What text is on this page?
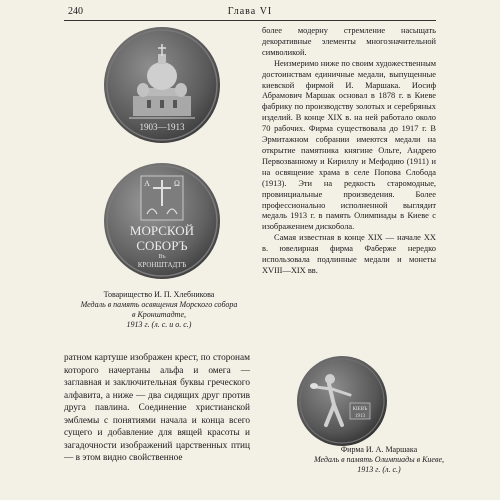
240	Глава VI
1903—1913
А	Ω
МОРСКОЙ
СОБОРЪ
Въ
КРОНШТАДТѢ
Товарищество И. П. Хлебникова
Медаль в память освящения Морского собора
в Кронштадте,
1913 г. (л. с. и о. с.)
более модерну стремление насыщать декоративные элементы многозначительной символикой.
Неизмеримо ниже по своим художественным достоинствам единичные медали, выпущенные киевской фирмой И. Маршака. Иосиф Абрамович Маршак основал в 1878 г. в Киеве фабрику по производству золотых и серебряных изделий. В конце XIX в. на ней работало около 70 рабочих. Фирма существовала до 1917 г. В Эрмитажном собрании имеются медали на открытие памятника княгине Ольге, Андрею Первозванному и Кириллу и Мефодию (1911) и на освящение храма в селе Попова Слобода (1913). Эти на редкость старомодные, провинциальные произведения. Более профессионально исполненной выглядит медаль 1913 г. в память Олимпиады в Киеве с изображением дискобола.
Самая известная в конце XIX — начале XX в. ювелирная фирма Фаберже нередко использовала подлинные медали и монеты XVIII—XIX вв.
ратном картуше изображен крест, по сторонам которого начертаны альфа и омега — заглавная и заключительная буквы греческого алфавита, а ниже — два сидящих друг против друга павлина. Соединение христианской эмблемы с понятиями начала и конца всего сущего и добавление для вящей красоты и загадочности изображений царственных птиц — в этом видно свойственное
КІЕВЪ
1913
Фирма И. А. Маршака
Медаль в память Олимпиады в Киеве,
1913 г. (л. с.)
